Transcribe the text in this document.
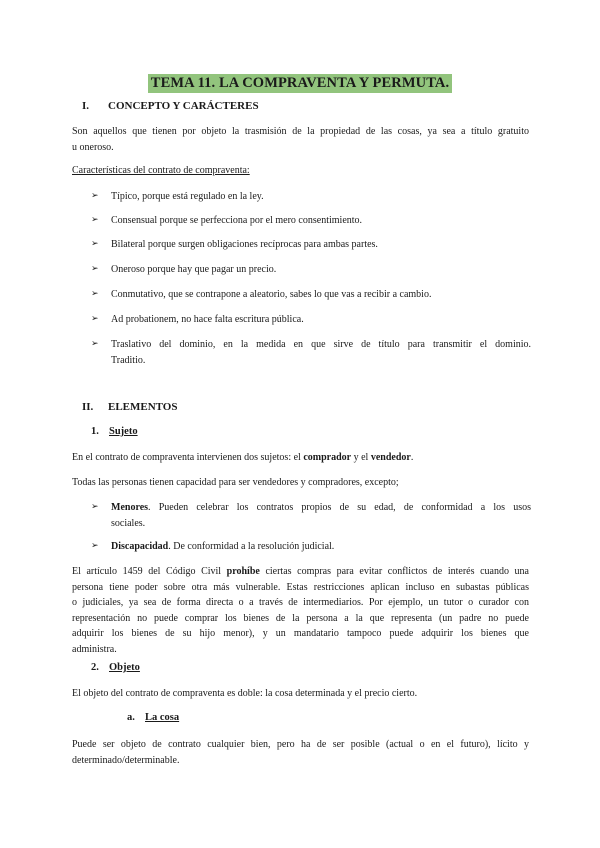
TEMA 11. LA COMPRAVENTA Y PERMUTA.
I. CONCEPTO Y CARÁCTERES
Son aquellos que tienen por objeto la trasmisión de la propiedad de las cosas, ya sea a título gratuito
u oneroso.
Características del contrato de compraventa:
➢ Típico, porque está regulado en la ley.
➢ Consensual porque se perfecciona por el mero consentimiento.
➢ Bilateral porque surgen obligaciones recíprocas para ambas partes.
➢ Oneroso porque hay que pagar un precio.
➢ Conmutativo, que se contrapone a aleatorio, sabes lo que vas a recibir a cambio.
➢ Ad probationem, no hace falta escritura pública.
➢ Traslativo del dominio, en la medida en que sirve de título para transmitir el dominio.
Traditio.
II. ELEMENTOS
1. Sujeto
En el contrato de compraventa intervienen dos sujetos: el comprador y el vendedor.
Todas las personas tienen capacidad para ser vendedores y compradores, excepto;
➢ Menores. Pueden celebrar los contratos propios de su edad, de conformidad a los usos
sociales.
➢ Discapacidad. De conformidad a la resolución judicial.
El artículo 1459 del Código Civil prohíbe ciertas compras para evitar conflictos de interés cuando una
persona tiene poder sobre otra más vulnerable. Estas restricciones aplican incluso en subastas públicas
o judiciales, ya sea de forma directa o a través de intermediarios. Por ejemplo, un tutor o curador con
representación no puede comprar los bienes de la persona a la que representa (un padre no puede
adquirir los bienes de su hijo menor), y un mandatario tampoco puede adquirir los bienes que
administra.
2. Objeto
El objeto del contrato de compraventa es doble: la cosa determinada y el precio cierto.
a. La cosa
Puede ser objeto de contrato cualquier bien, pero ha de ser posible (actual o en el futuro), lícito y
determinado/determinable.
